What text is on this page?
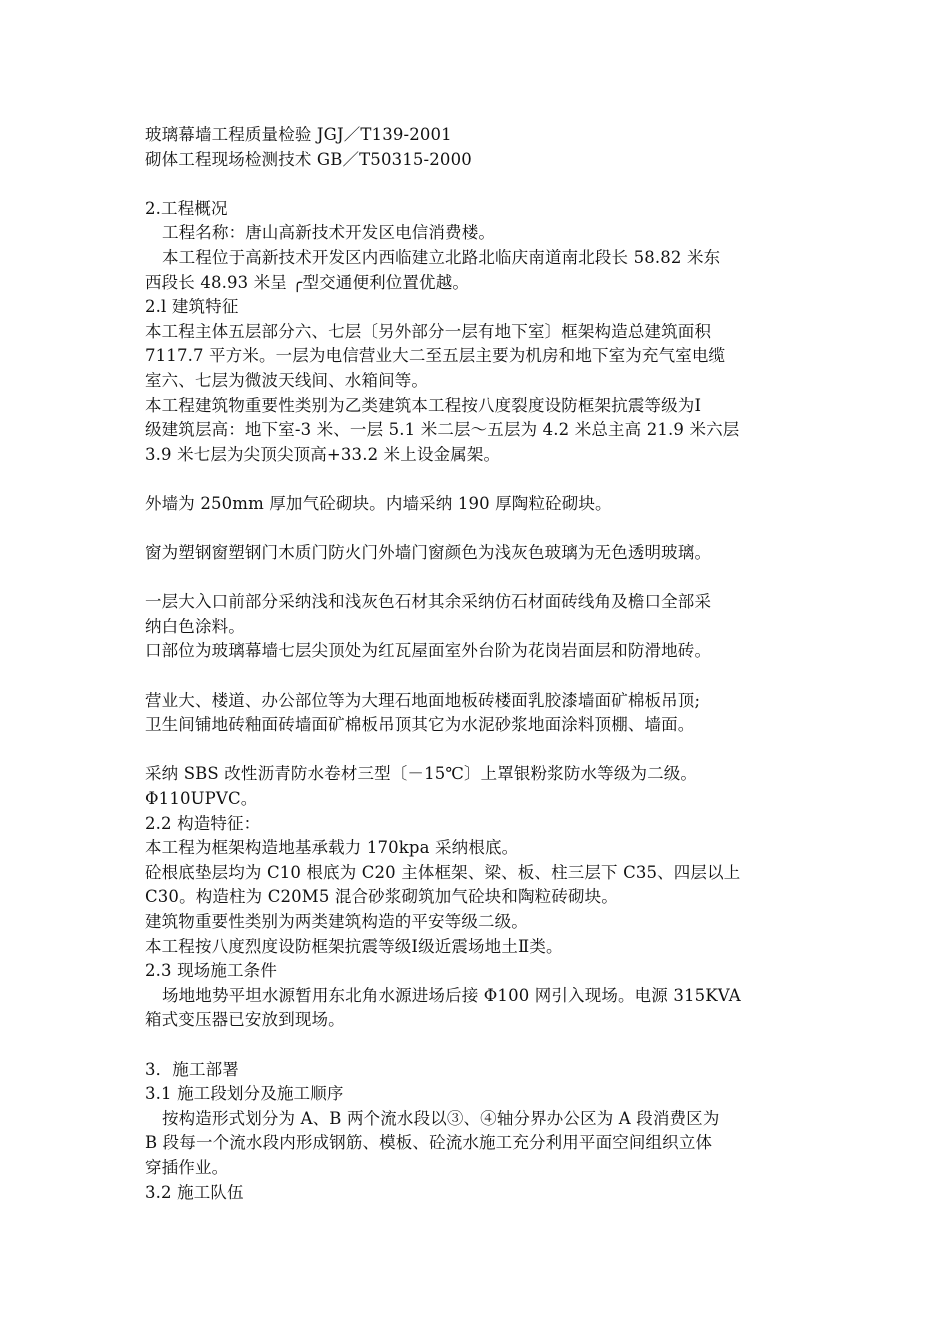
玻璃幕墙工程质量检验 JGJ／T139-2001

砌体工程现场检测技术 GB／T50315-2000

2.工程概况

工程名称：唐山高新技术开发区电信消费楼。

本工程位于高新技术开发区内西临建立北路北临庆南道南北段长 58.82 米东

西段长 48.93 米呈 ╭型交通便利位置优越。

2.l 建筑特征

本工程主体五层部分六、七层〔另外部分一层有地下室〕框架构造总建筑面积

7117.7 平方米。一层为电信营业大二至五层主要为机房和地下室为充气室电缆

室六、七层为微波天线间、水箱间等。

本工程建筑物重要性类别为乙类建筑本工程按八度裂度设防框架抗震等级为Ⅰ

级建筑层高：地下室-3 米、一层 5.1 米二层～五层为 4.2 米总主高 21.9 米六层

3.9 米七层为尖顶尖顶高+33.2 米上设金属架。

外墙为 250mm 厚加气砼砌块。内墙采纳 190 厚陶粒砼砌块。

窗为塑钢窗塑钢门木质门防火门外墙门窗颜色为浅灰色玻璃为无色透明玻璃。

一层大入口前部分采纳浅和浅灰色石材其余采纳仿石材面砖线角及檐口全部采

纳白色涂料。

口部位为玻璃幕墙七层尖顶处为红瓦屋面室外台阶为花岗岩面层和防滑地砖。

营业大、楼道、办公部位等为大理石地面地板砖楼面乳胶漆墙面矿棉板吊顶;

卫生间铺地砖釉面砖墙面矿棉板吊顶其它为水泥砂浆地面涂料顶棚、墙面。

采纳 SBS 改性沥青防水卷材三型〔－15℃〕上罩银粉浆防水等级为二级。

Φ110UPVC。

2.2 构造特征：

本工程为框架构造地基承载力 170kpa 采纳根底。

砼根底垫层均为 C10 根底为 C20 主体框架、梁、板、柱三层下 C35、四层以上

C30。构造柱为 C20M5 混合砂浆砌筑加气砼块和陶粒砖砌块。

建筑物重要性类别为两类建筑构造的平安等级二级。

本工程按八度烈度设防框架抗震等级Ⅰ级近震场地土Ⅱ类。

2.3 现场施工条件

场地地势平坦水源暂用东北角水源进场后接 Φ100 网引入现场。电源 315KVA

箱式变压器已安放到现场。

3．施工部署

3.1 施工段划分及施工顺序

按构造形式划分为 A、B 两个流水段以③、④轴分界办公区为 A 段消费区为

B 段每一个流水段内形成钢筋、模板、砼流水施工充分利用平面空间组织立体

穿插作业。

3.2 施工队伍
